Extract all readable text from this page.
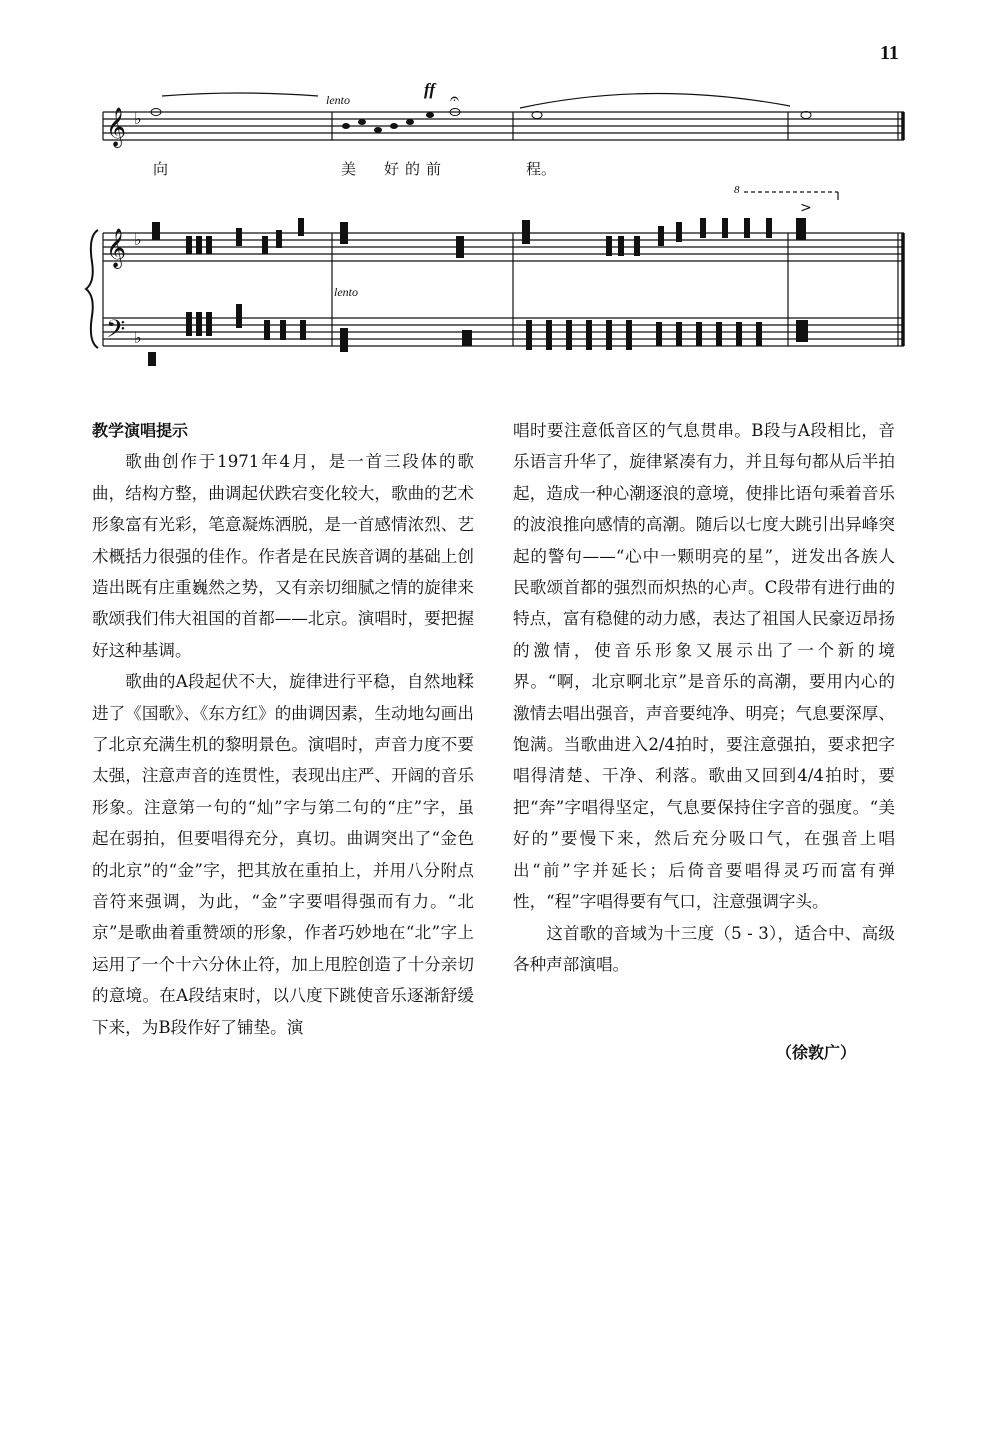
11
𝄞 ♭
𝄞 ♭
𝄢 ♭
𝄐
>
lento
lento
ff
8
向	美 好的前	程。
教学演唱提示

歌曲创作于1971年4月，是一首三段体的歌曲，结构方整，曲调起伏跌宕变化较大，歌曲的艺术形象富有光彩，笔意凝炼洒脱，是一首感情浓烈、艺术概括力很强的佳作。作者是在民族音调的基础上创造出既有庄重巍然之势，又有亲切细腻之情的旋律来歌颂我们伟大祖国的首都——北京。演唱时，要把握好这种基调。

歌曲的A段起伏不大，旋律进行平稳，自然地糅进了《国歌》、《东方红》的曲调因素，生动地勾画出了北京充满生机的黎明景色。演唱时，声音力度不要太强，注意声音的连贯性，表现出庄严、开阔的音乐形象。注意第一句的“灿”字与第二句的“庄”字，虽起在弱拍，但要唱得充分，真切。曲调突出了“金色的北京”的“金”字，把其放在重拍上，并用八分附点音符来强调，为此，“金”字要唱得强而有力。“北京”是歌曲着重赞颂的形象，作者巧妙地在“北”字上运用了一个十六分休止符，加上甩腔创造了十分亲切的意境。在A段结束时，以八度下跳使音乐逐渐舒缓下来，为B段作好了铺垫。演

唱时要注意低音区的气息贯串。B段与A段相比，音乐语言升华了，旋律紧凑有力，并且每句都从后半拍起，造成一种心潮逐浪的意境，使排比语句乘着音乐的波浪推向感情的高潮。随后以七度大跳引出异峰突起的警句——“心中一颗明亮的星”，迸发出各族人民歌颂首都的强烈而炽热的心声。C段带有进行曲的特点，富有稳健的动力感，表达了祖国人民豪迈昂扬的激情，使音乐形象又展示出了一个新的境界。“啊，北京啊北京”是音乐的高潮，要用内心的激情去唱出强音，声音要纯净、明亮；气息要深厚、饱满。当歌曲进入2/4拍时，要注意强拍，要求把字唱得清楚、干净、利落。歌曲又回到4/4拍时，要把“奔”字唱得坚定，气息要保持住字音的强度。“美好的”要慢下来，然后充分吸口气，在强音上唱出“前”字并延长；后倚音要唱得灵巧而富有弹性，“程”字唱得要有气口，注意强调字头。

这首歌的音域为十三度（5 - 3），适合中、高级各种声部演唱。

（徐敦广）
